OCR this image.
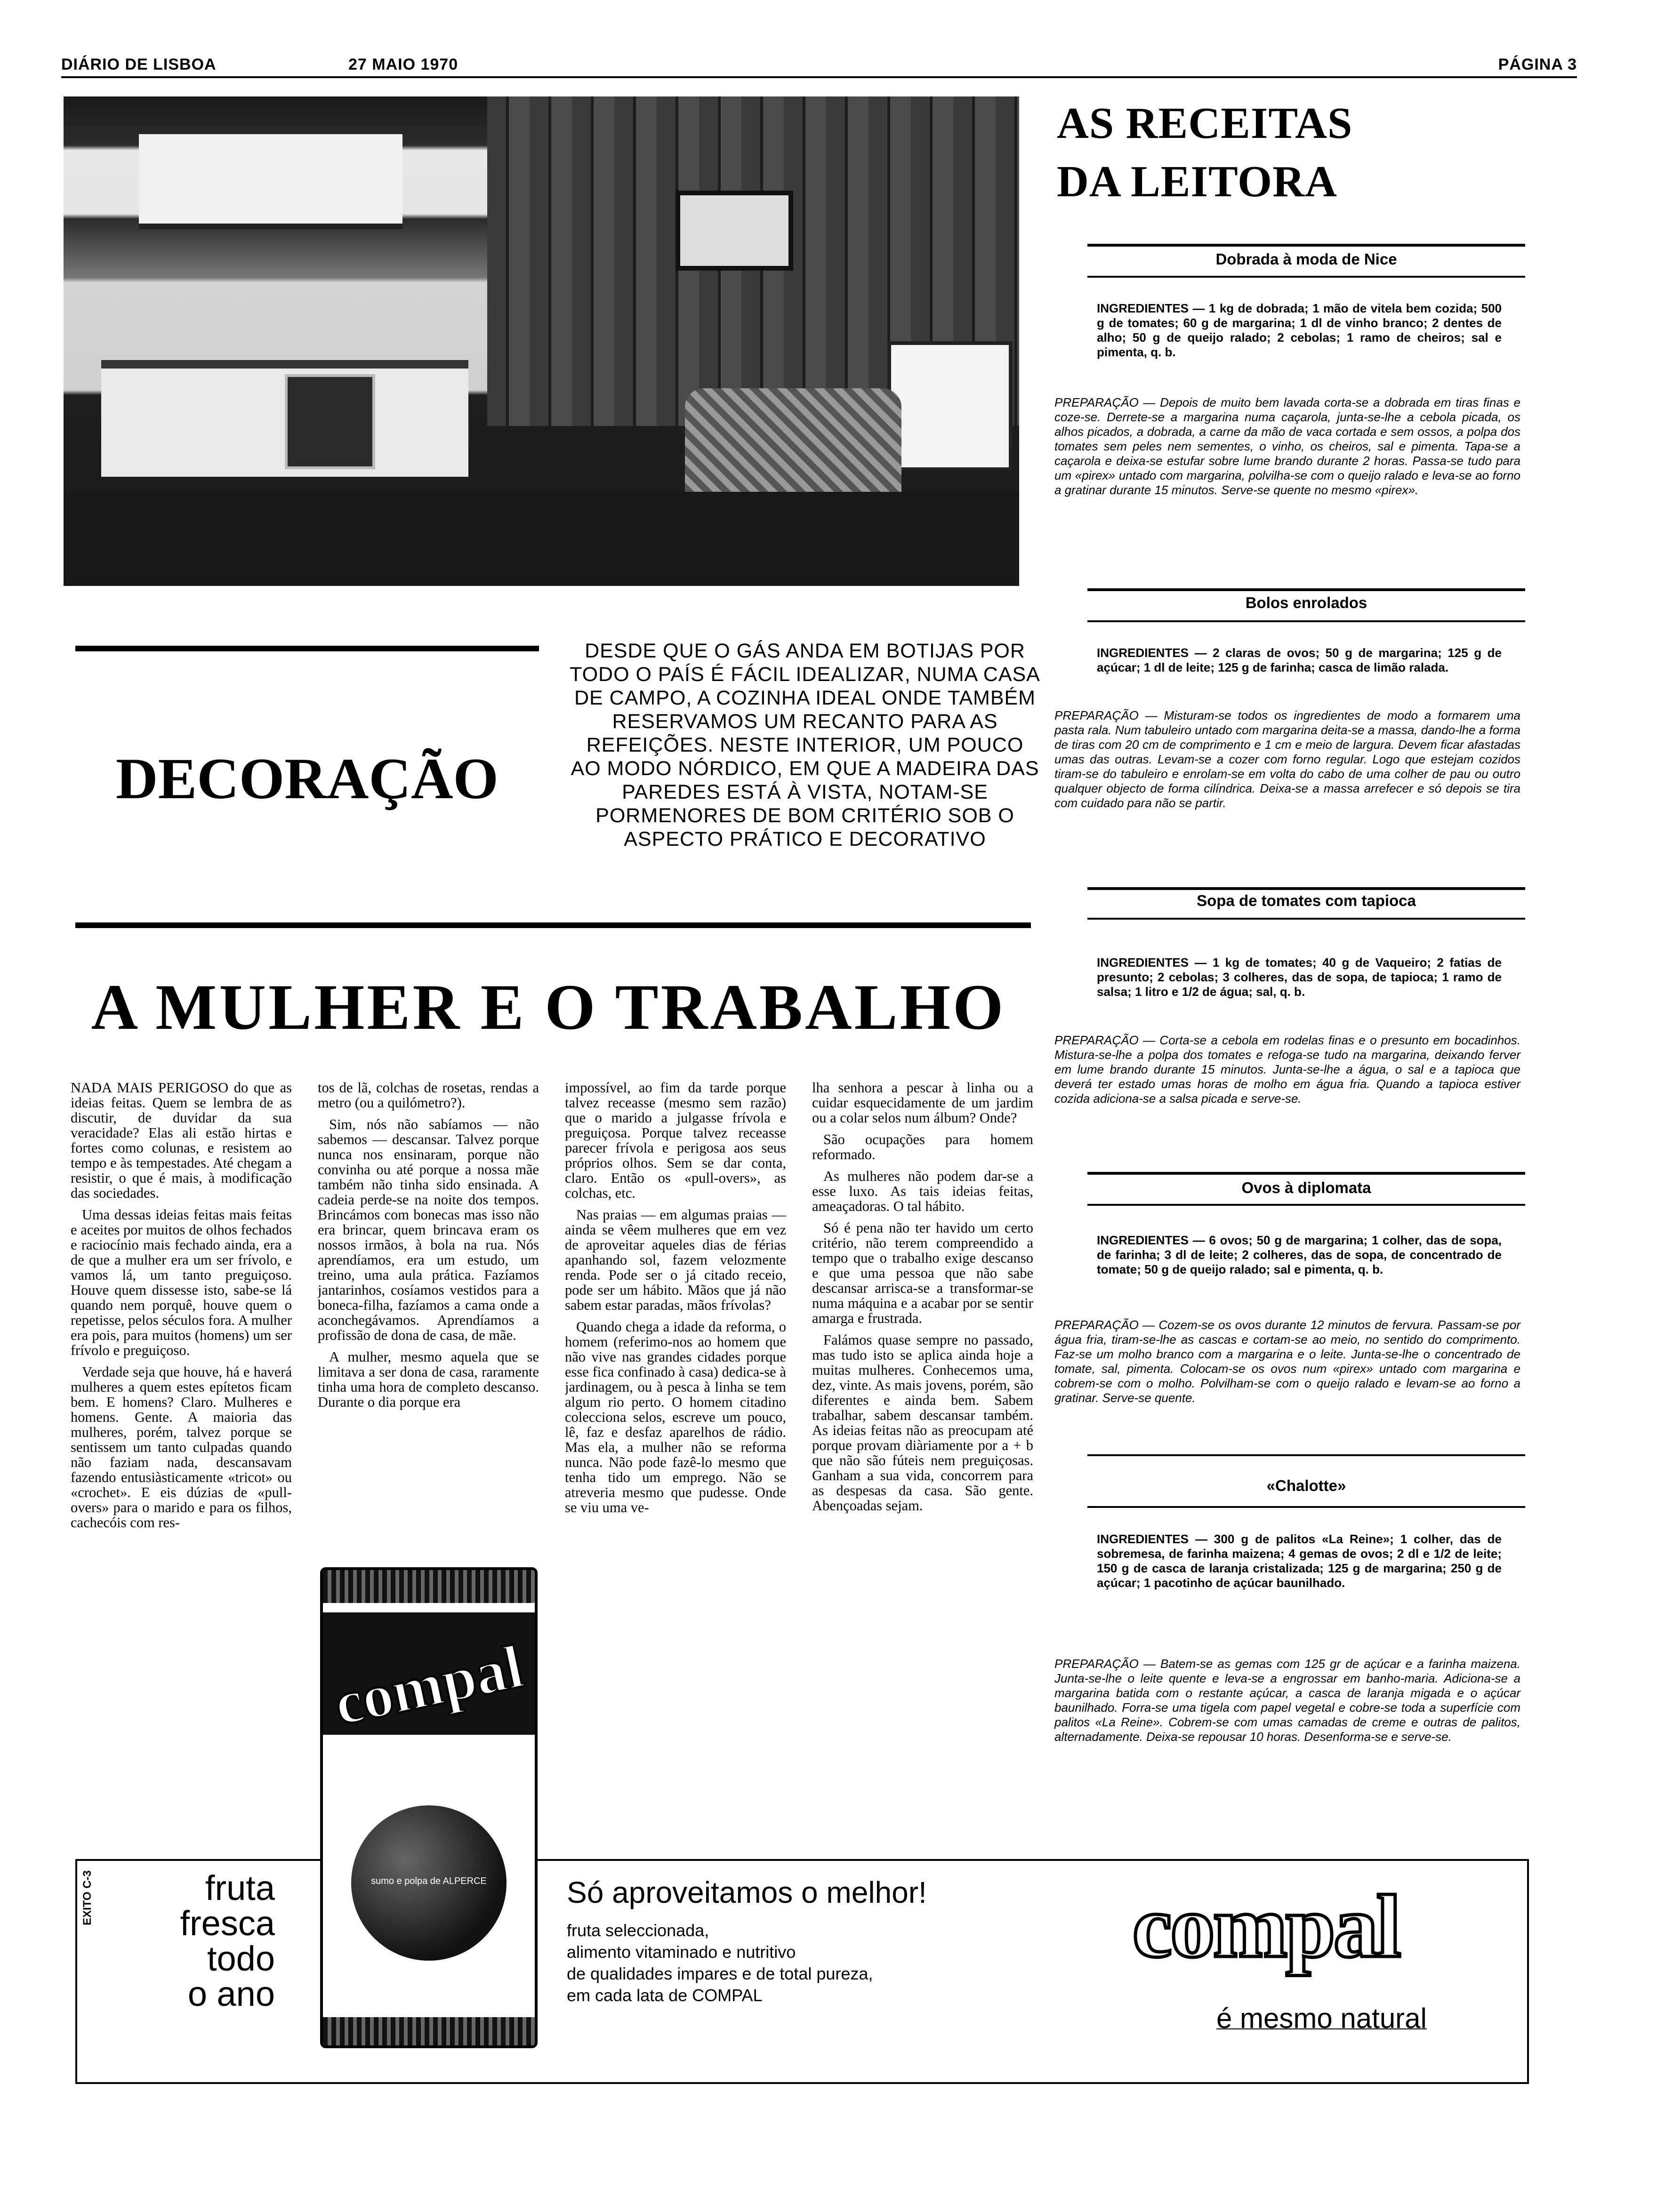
DIÁRIO DE LISBOA	27 MAIO 1970	PÁGINA 3
AS RECEITAS
DA LEITORA
Dobrada à moda de Nice
INGREDIENTES — 1 kg de dobrada; 1 mão de vitela bem cozida; 500 g de tomates; 60 g de margarina; 1 dl de vinho branco; 2 dentes de alho; 50 g de queijo ralado; 2 cebolas; 1 ramo de cheiros; sal e pimenta, q. b.
PREPARAÇÃO — Depois de muito bem lavada corta-se a dobrada em tiras finas e coze-se. Derrete-se a margarina numa caçarola, junta-se-lhe a cebola picada, os alhos picados, a dobrada, a carne da mão de vaca cortada e sem ossos, a polpa dos tomates sem peles nem sementes, o vinho, os cheiros, sal e pimenta. Tapa-se a caçarola e deixa-se estufar sobre lume brando durante 2 horas. Passa-se tudo para um «pirex» untado com margarina, polvilha-se com o queijo ralado e leva-se ao forno a gratinar durante 15 minutos. Serve-se quente no mesmo «pirex».
Bolos enrolados
INGREDIENTES — 2 claras de ovos; 50 g de margarina; 125 g de açúcar; 1 dl de leite; 125 g de farinha; casca de limão ralada.
PREPARAÇÃO — Misturam-se todos os ingredientes de modo a formarem uma pasta rala. Num tabuleiro untado com margarina deita-se a massa, dando-lhe a forma de tiras com 20 cm de comprimento e 1 cm e meio de largura. Devem ficar afastadas umas das outras. Levam-se a cozer com forno regular. Logo que estejam cozidos tiram-se do tabuleiro e enrolam-se em volta do cabo de uma colher de pau ou outro qualquer objecto de forma cilíndrica. Deixa-se a massa arrefecer e só depois se tira com cuidado para não se partir.
Sopa de tomates com tapioca
INGREDIENTES — 1 kg de tomates; 40 g de Vaqueiro; 2 fatias de presunto; 2 cebolas; 3 colheres, das de sopa, de tapioca; 1 ramo de salsa; 1 litro e 1/2 de água; sal, q. b.
PREPARAÇÃO — Corta-se a cebola em rodelas finas e o presunto em bocadinhos. Mistura-se-lhe a polpa dos tomates e refoga-se tudo na margarina, deixando ferver em lume brando durante 15 minutos. Junta-se-lhe a água, o sal e a tapioca que deverá ter estado umas horas de molho em água fria. Quando a tapioca estiver cozida adiciona-se a salsa picada e serve-se.
Ovos à diplomata
INGREDIENTES — 6 ovos; 50 g de margarina; 1 colher, das de sopa, de farinha; 3 dl de leite; 2 colheres, das de sopa, de concentrado de tomate; 50 g de queijo ralado; sal e pimenta, q. b.
PREPARAÇÃO — Cozem-se os ovos durante 12 minutos de fervura. Passam-se por água fria, tiram-se-lhe as cascas e cortam-se ao meio, no sentido do comprimento. Faz-se um molho branco com a margarina e o leite. Junta-se-lhe o concentrado de tomate, sal, pimenta. Colocam-se os ovos num «pirex» untado com margarina e cobrem-se com o molho. Polvilham-se com o queijo ralado e levam-se ao forno a gratinar. Serve-se quente.
«Chalotte»
INGREDIENTES — 300 g de palitos «La Reine»; 1 colher, das de sobremesa, de farinha maizena; 4 gemas de ovos; 2 dl e 1/2 de leite; 150 g de casca de laranja cristalizada; 125 g de margarina; 250 g de açúcar; 1 pacotinho de açúcar baunilhado.
PREPARAÇÃO — Batem-se as gemas com 125 gr de açúcar e a farinha maizena. Junta-se-lhe o leite quente e leva-se a engrossar em banho-maria. Adiciona-se a margarina batida com o restante açúcar, a casca de laranja migada e o açúcar baunilhado. Forra-se uma tigela com papel vegetal e cobre-se toda a superfície com palitos «La Reine». Cobrem-se com umas camadas de creme e outras de palitos, alternadamente. Deixa-se repousar 10 horas. Desenforma-se e serve-se.
DECORAÇÃO
DESDE QUE O GÁS ANDA EM BOTIJAS POR TODO O PAÍS É FÁCIL IDEALIZAR, NUMA CASA DE CAMPO, A COZINHA IDEAL ONDE TAMBÉM RESERVAMOS UM RECANTO PARA AS REFEIÇÕES. NESTE INTERIOR, UM POUCO AO MODO NÓRDICO, EM QUE A MADEIRA DAS PAREDES ESTÁ À VISTA, NOTAM-SE PORMENORES DE BOM CRITÉRIO SOB O ASPECTO PRÁTICO E DECORATIVO
A MULHER E O TRABALHO

NADA MAIS PERIGOSO do que as ideias feitas. Quem se lembra de as discutir, de duvidar da sua veracidade? Elas ali estão hirtas e fortes como colunas, e resistem ao tempo e às tempestades. Até chegam a resistir, o que é mais, à modificação das sociedades.

Uma dessas ideias feitas mais feitas e aceites por muitos de olhos fechados e raciocínio mais fechado ainda, era a de que a mulher era um ser frívolo, e vamos lá, um tanto preguiçoso. Houve quem dissesse isto, sabe-se lá quando nem porquê, houve quem o repetisse, pelos séculos fora. A mulher era pois, para muitos (homens) um ser frívolo e preguiçoso.

Verdade seja que houve, há e haverá mulheres a quem estes epítetos ficam bem. E homens? Claro. Mulheres e homens. Gente. A maioria das mulheres, porém, talvez porque se sentissem um tanto culpadas quando não faziam nada, descansavam fazendo entusiàsticamente «tricot» ou «crochet». E eis dúzias de «pull-overs» para o marido e para os filhos, cachecóis com res-

tos de lã, colchas de rosetas, rendas a metro (ou a quilómetro?).

Sim, nós não sabíamos — não sabemos — descansar. Talvez porque nunca nos ensinaram, porque não convinha ou até porque a nossa mãe também não tinha sido ensinada. A cadeia perde-se na noite dos tempos. Brincámos com bonecas mas isso não era brincar, quem brincava eram os nossos irmãos, à bola na rua. Nós aprendíamos, era um estudo, um treino, uma aula prática. Fazíamos jantarinhos, cosíamos vestidos para a boneca-filha, fazíamos a cama onde a aconchegávamos. Aprendíamos a profissão de dona de casa, de mãe.

A mulher, mesmo aquela que se limitava a ser dona de casa, raramente tinha uma hora de completo descanso. Durante o dia porque era

impossível, ao fim da tarde porque talvez receasse (mesmo sem razão) que o marido a julgasse frívola e preguiçosa. Porque talvez receasse parecer frívola e perigosa aos seus próprios olhos. Sem se dar conta, claro. Então os «pull-overs», as colchas, etc.

Nas praias — em algumas praias — ainda se vêem mulheres que em vez de aproveitar aqueles dias de férias apanhando sol, fazem velozmente renda. Pode ser o já citado receio, pode ser um hábito. Mãos que já não sabem estar paradas, mãos frívolas?

Quando chega a idade da reforma, o homem (referimo-nos ao homem que não vive nas grandes cidades porque esse fica confinado à casa) dedica-se à jardinagem, ou à pesca à linha se tem algum rio perto. O homem citadino colecciona selos, escreve um pouco, lê, faz e desfaz aparelhos de rádio. Mas ela, a mulher não se reforma nunca. Não pode fazê-lo mesmo que tenha tido um emprego. Não se atreveria mesmo que pudesse. Onde se viu uma ve-

lha senhora a pescar à linha ou a cuidar esquecidamente de um jardim ou a colar selos num álbum? Onde?

São ocupações para homem reformado.

As mulheres não podem dar-se a esse luxo. As tais ideias feitas, ameaçadoras. O tal hábito.

Só é pena não ter havido um certo critério, não terem compreendido a tempo que o trabalho exige descanso e que uma pessoa que não sabe descansar arrisca-se a transformar-se numa máquina e a acabar por se sentir amarga e frustrada.

Falámos quase sempre no passado, mas tudo isto se aplica ainda hoje a muitas mulheres. Conhecemos uma, dez, vinte. As mais jovens, porém, são diferentes e ainda bem. Sabem trabalhar, sabem descansar também. As ideias feitas não as preocupam até porque provam diàriamente por a + b que não são fúteis nem preguiçosas. Ganham a sua vida, concorrem para as despesas da casa. São gente. Abençoadas sejam.

EXITO C-3	fruta
fresca
todo
o ano
Só aproveitamos o melhor!
fruta seleccionada,
alimento vitaminado e nutritivo
de qualidades impares e de total pureza,
em cada lata de COMPAL
compal
é mesmo natural
compal
sumo e polpa de ALPERCE
